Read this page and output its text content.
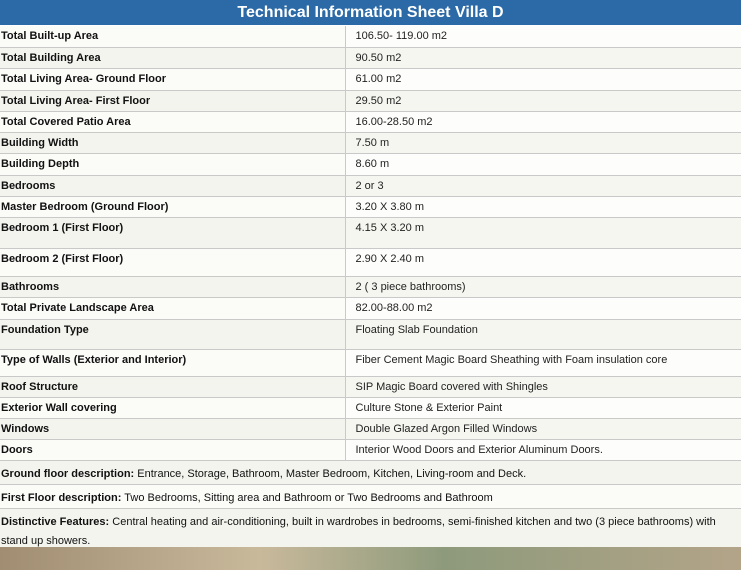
Technical Information Sheet Villa D
Total Built-up Area	106.50- 119.00 m2
Total Building Area	90.50 m2
Total Living Area- Ground Floor	61.00 m2
Total Living Area- First Floor	29.50 m2
Total Covered Patio Area	16.00-28.50 m2
Building Width	7.50 m
Building Depth	8.60 m
Bedrooms	2 or 3
Master Bedroom (Ground Floor)	3.20 X 3.80 m
Bedroom 1 (First Floor)	4.15 X 3.20 m
Bedroom 2 (First Floor)	2.90 X 2.40 m
Bathrooms	2 ( 3 piece bathrooms)
Total Private Landscape Area	82.00-88.00 m2
Foundation Type	Floating Slab Foundation
Type of Walls (Exterior and Interior)	Fiber Cement Magic Board Sheathing with Foam insulation core
Roof Structure	SIP Magic Board covered with Shingles
Exterior Wall covering	Culture Stone & Exterior Paint
Windows	Double Glazed Argon Filled Windows
Doors	Interior Wood Doors and Exterior Aluminum Doors.
Ground floor description: Entrance, Storage, Bathroom, Master Bedroom, Kitchen, Living-room and Deck.	
First Floor description: Two Bedrooms, Sitting area and Bathroom or Two Bedrooms and Bathroom	
Distinctive Features: Central heating and air-conditioning, built in wardrobes in bedrooms, semi-finished kitchen and two (3 piece bathrooms) with stand up showers.	
